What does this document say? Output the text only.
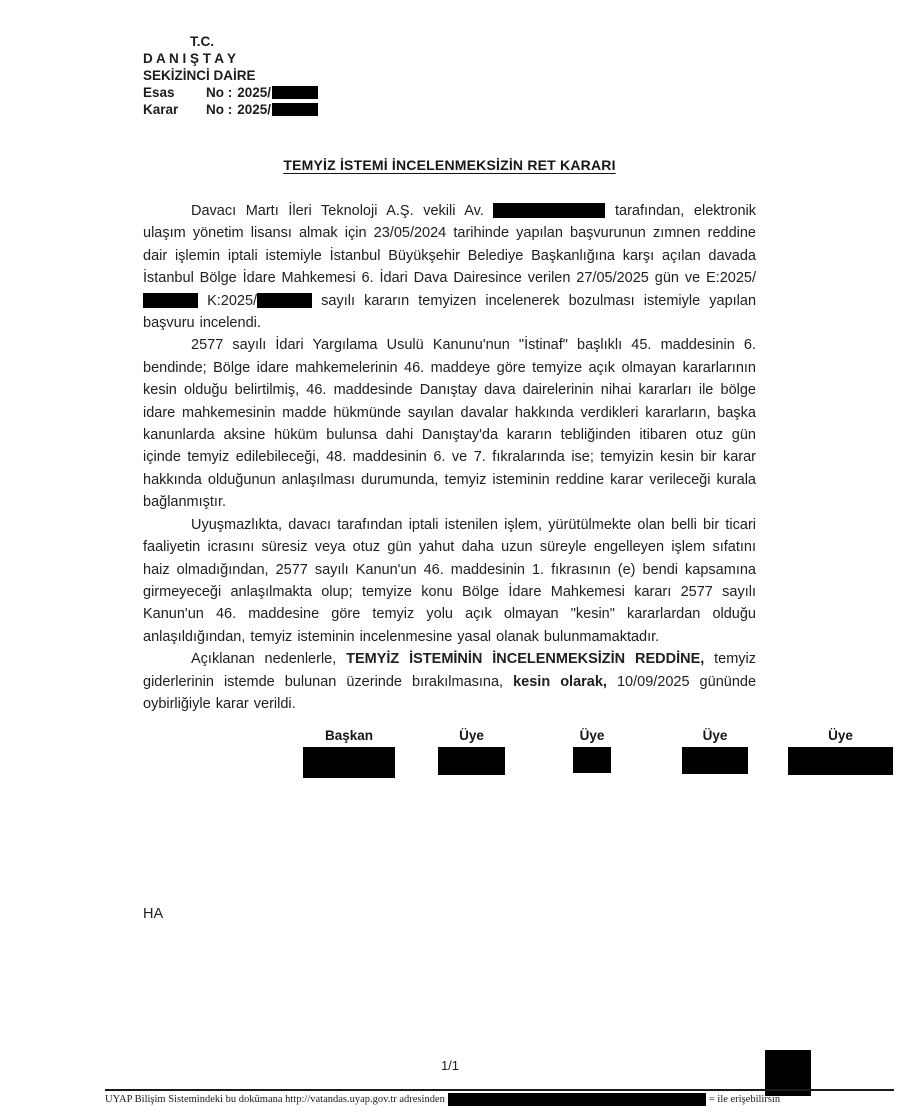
T.C.
D A N I Ş T A Y
SEKİZİNCİ DAİRE
Esas	No : 2025/
Karar	No : 2025/
TEMYİZ İSTEMİ İNCELENMEKSİZİN RET KARARI

Davacı Martı İleri Teknoloji A.Ş. vekili Av.	tarafından, elektronik ulaşım yönetim lisansı almak için 23/05/2024 tarihinde yapılan başvurunun zımnen reddine dair işlemin iptali istemiyle İstanbul Büyükşehir Belediye Başkanlığına karşı açılan davada İstanbul Bölge İdare Mahkemesi 6. İdari Dava Dairesince verilen 27/05/2025 gün ve E:2025/ K:2025/	sayılı kararın temyizen incelenerek bozulması istemiyle yapılan başvuru incelendi.

2577 sayılı İdari Yargılama Usulü Kanunu'nun "İstinaf" başlıklı 45. maddesinin 6. bendinde; Bölge idare mahkemelerinin 46. maddeye göre temyize açık olmayan kararlarının kesin olduğu belirtilmiş, 46. maddesinde Danıştay dava dairelerinin nihai kararları ile bölge idare mahkemesinin madde hükmünde sayılan davalar hakkında verdikleri kararların, başka kanunlarda aksine hüküm bulunsa dahi Danıştay'da kararın tebliğinden itibaren otuz gün içinde temyiz edilebileceği, 48. maddesinin 6. ve 7. fıkralarında ise; temyizin kesin bir karar hakkında olduğunun anlaşılması durumunda, temyiz isteminin reddine karar verileceği kurala bağlanmıştır.

Uyuşmazlıkta, davacı tarafından iptali istenilen işlem, yürütülmekte olan belli bir ticari faaliyetin icrasını süresiz veya otuz gün yahut daha uzun süreyle engelleyen işlem sıfatını haiz olmadığından, 2577 sayılı Kanun'un 46. maddesinin 1. fıkrasının (e) bendi kapsamına girmeyeceği anlaşılmakta olup; temyize konu Bölge İdare Mahkemesi kararı 2577 sayılı Kanun'un 46. maddesine göre temyiz yolu açık olmayan "kesin" kararlardan olduğu anlaşıldığından, temyiz isteminin incelenmesine yasal olanak bulunmamaktadır.

Açıklanan nedenlerle, TEMYİZ İSTEMİNİN İNCELENMEKSİZİN REDDİNE, temyiz giderlerinin istemde bulunan üzerinde bırakılmasına, kesin olarak, 10/09/2025 gününde oybirliğiyle karar verildi.

Başkan	Üye	Üye	Üye	Üye
HA
1/1
UYAP Bilişim Sistemindeki bu dokümana http://vatandas.uyap.gov.tr adresinden	= ile erişebilirsin
